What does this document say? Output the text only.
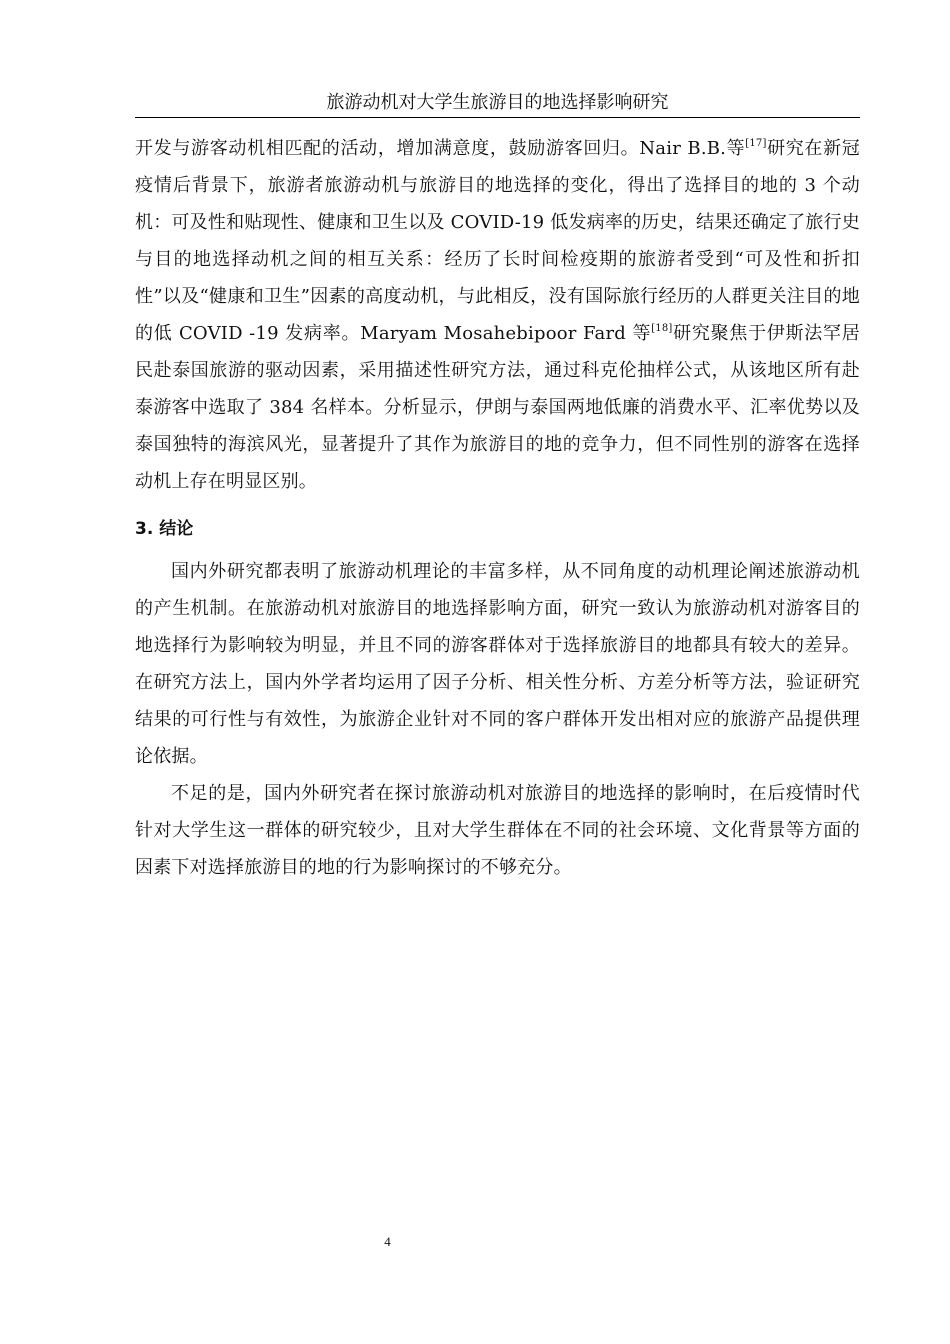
旅游动机对大学生旅游目的地选择影响研究

开发与游客动机相匹配的活动，增加满意度，鼓励游客回归。Nair B.B.等[17]研究在新冠疫情后背景下，旅游者旅游动机与旅游目的地选择的变化，得出了选择目的地的 3 个动机：可及性和贴现性、健康和卫生以及 COVID-19 低发病率的历史，结果还确定了旅行史与目的地选择动机之间的相互关系：经历了长时间检疫期的旅游者受到“可及性和折扣性”以及“健康和卫生”因素的高度动机，与此相反，没有国际旅行经历的人群更关注目的地的低 COVID -19 发病率。Maryam Mosahebipoor Fard 等[18]研究聚焦于伊斯法罕居民赴泰国旅游的驱动因素，采用描述性研究方法，通过科克伦抽样公式，从该地区所有赴泰游客中选取了 384 名样本。分析显示，伊朗与泰国两地低廉的消费水平、汇率优势以及泰国独特的海滨风光，显著提升了其作为旅游目的地的竞争力，但不同性别的游客在选择动机上存在明显区别。

3. 结论

国内外研究都表明了旅游动机理论的丰富多样，从不同角度的动机理论阐述旅游动机的产生机制。在旅游动机对旅游目的地选择影响方面，研究一致认为旅游动机对游客目的地选择行为影响较为明显，并且不同的游客群体对于选择旅游目的地都具有较大的差异。在研究方法上，国内外学者均运用了因子分析、相关性分析、方差分析等方法，验证研究结果的可行性与有效性，为旅游企业针对不同的客户群体开发出相对应的旅游产品提供理论依据。

不足的是，国内外研究者在探讨旅游动机对旅游目的地选择的影响时，在后疫情时代针对大学生这一群体的研究较少，且对大学生群体在不同的社会环境、文化背景等方面的因素下对选择旅游目的地的行为影响探讨的不够充分。

4
